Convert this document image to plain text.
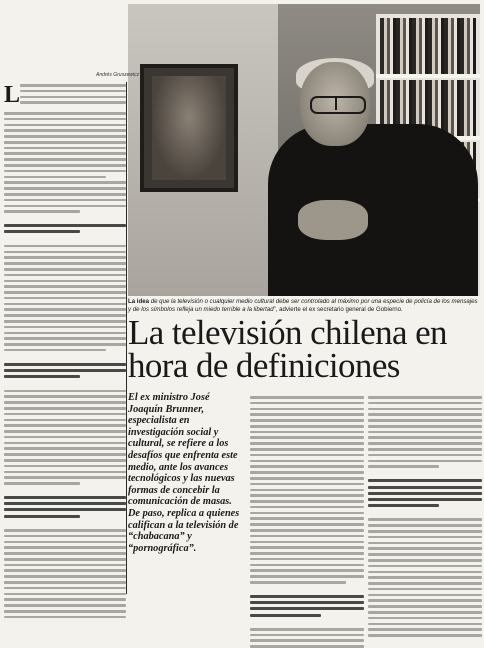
Andrés Gruszewicz
L
La idea de que la televisión o cualquier medio cultural debe ser controlado al máximo por una especie de policía de los mensajes y de los símbolos refleja un miedo terrible a la libertad”, advierte el ex secretario general de Gobierno.
La televisión chilena en hora de definiciones
El ex ministro José Joaquín Brunner, especialista en investigación social y cultural, se refiere a los desafíos que enfrenta este medio, ante los avances tecnológicos y las nuevas formas de concebir la comunicación de masas. De paso, replica a quienes califican a la televisión de “chabacana” y “pornográfica”.
